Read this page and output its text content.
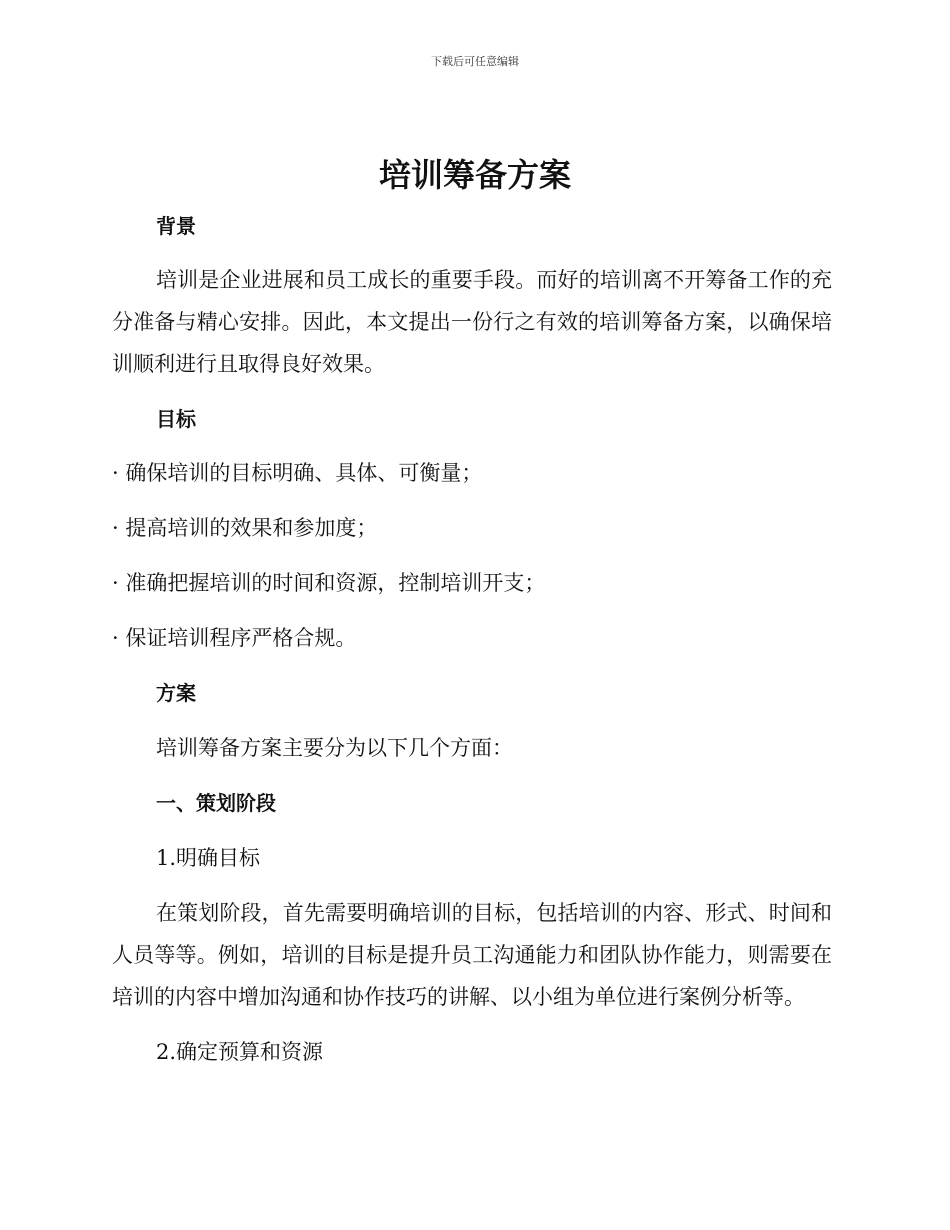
下载后可任意编辑
培训筹备方案

背景

培训是企业进展和员工成长的重要手段。而好的培训离不开筹备工作的充分准备与精心安排。因此，本文提出一份行之有效的培训筹备方案，以确保培训顺利进行且取得良好效果。

目标

· 确保培训的目标明确、具体、可衡量；

· 提高培训的效果和参加度；

· 准确把握培训的时间和资源，控制培训开支；

· 保证培训程序严格合规。

方案

培训筹备方案主要分为以下几个方面：

一、策划阶段

1.明确目标

在策划阶段，首先需要明确培训的目标，包括培训的内容、形式、时间和人员等等。例如，培训的目标是提升员工沟通能力和团队协作能力，则需要在培训的内容中增加沟通和协作技巧的讲解、以小组为单位进行案例分析等。

2.确定预算和资源
